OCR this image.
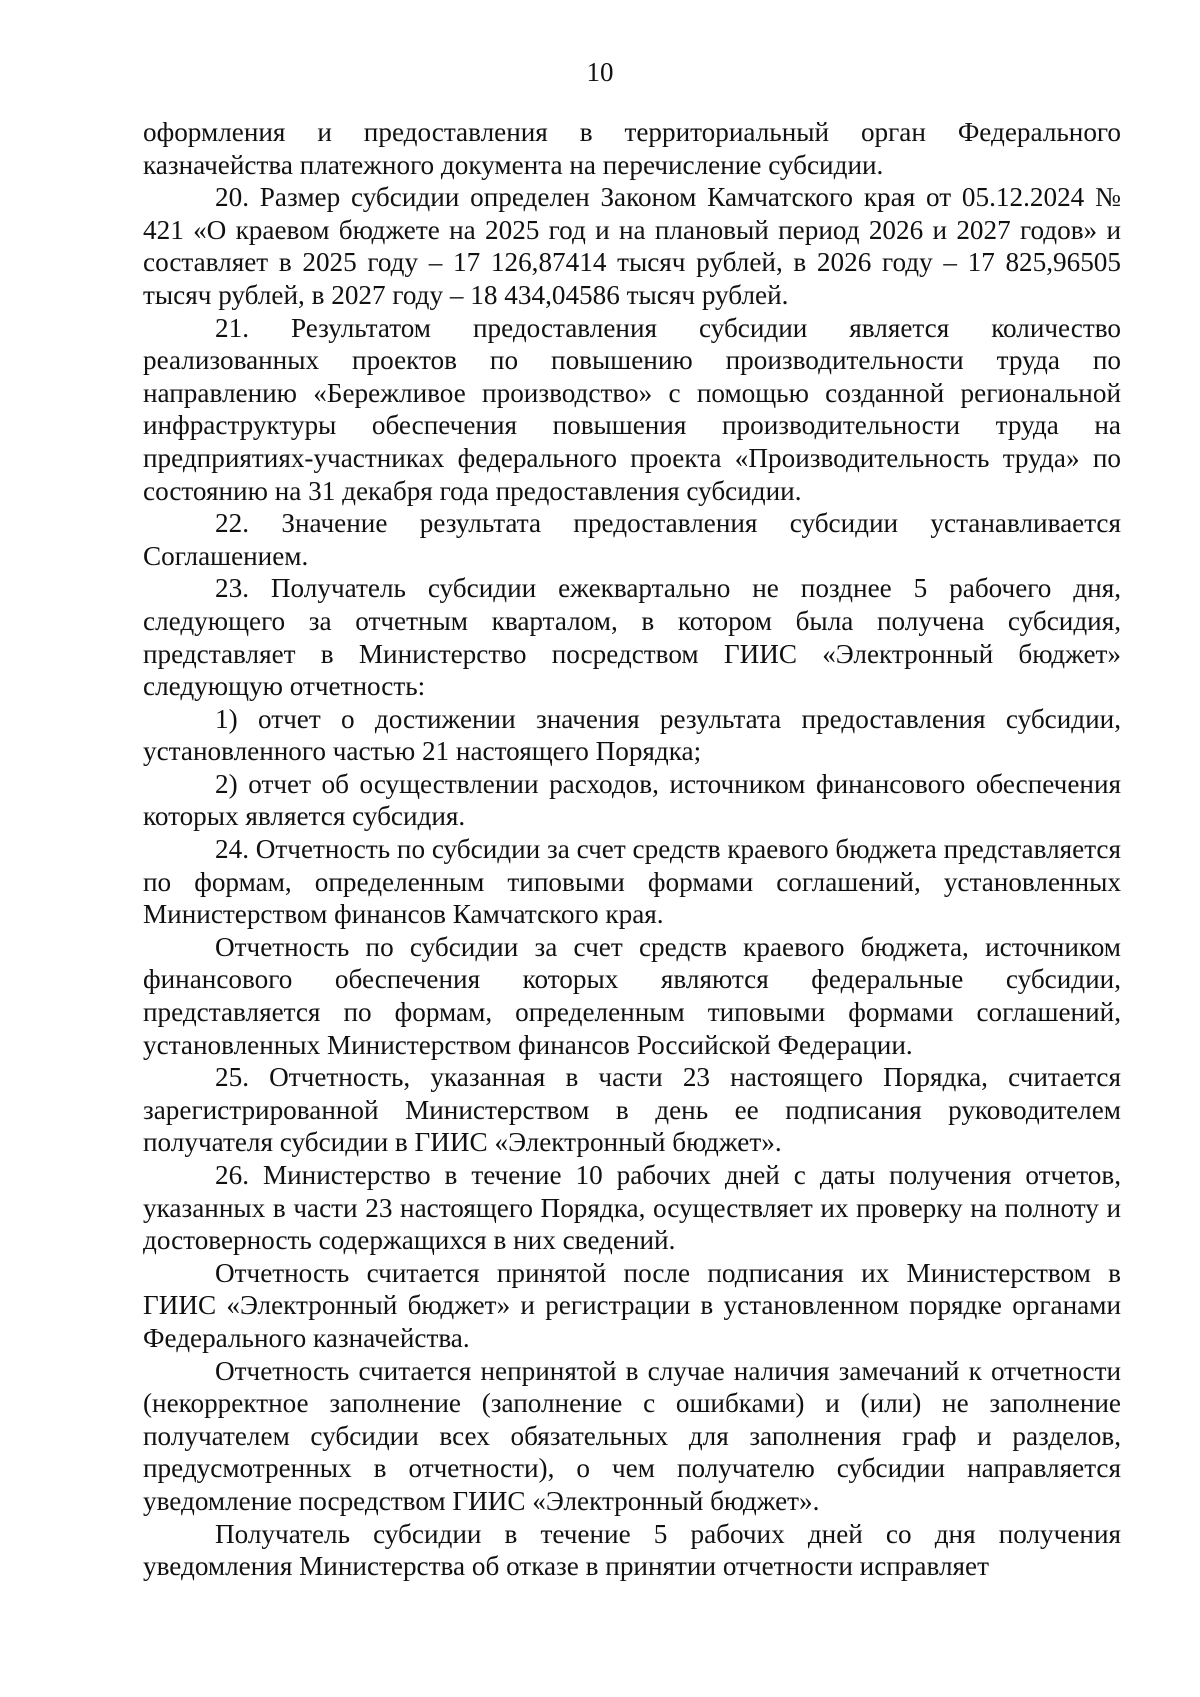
10

оформления и предоставления в территориальный орган Федерального казначейства платежного документа на перечисление субсидии.

20. Размер субсидии определен Законом Камчатского края от 05.12.2024 № 421 «О краевом бюджете на 2025 год и на плановый период 2026 и 2027 годов» и составляет в 2025 году – 17 126,87414 тысяч рублей, в 2026 году – 17 825,96505 тысяч рублей, в 2027 году – 18 434,04586 тысяч рублей.

21. Результатом предоставления субсидии является количество реализованных проектов по повышению производительности труда по направлению «Бережливое производство» с помощью созданной региональной инфраструктуры обеспечения повышения производительности труда на предприятиях-участниках федерального проекта «Производительность труда» по состоянию на 31 декабря года предоставления субсидии.

22. Значение результата предоставления субсидии устанавливается Соглашением.

23. Получатель субсидии ежеквартально не позднее 5 рабочего дня, следующего за отчетным кварталом, в котором была получена субсидия, представляет в Министерство посредством ГИИС «Электронный бюджет» следующую отчетность:

1) отчет о достижении значения результата предоставления субсидии, установленного частью 21 настоящего Порядка;

2) отчет об осуществлении расходов, источником финансового обеспечения которых является субсидия.

24. Отчетность по субсидии за счет средств краевого бюджета представляется по формам, определенным типовыми формами соглашений, установленных Министерством финансов Камчатского края.

Отчетность по субсидии за счет средств краевого бюджета, источником финансового обеспечения которых являются федеральные субсидии, представляется по формам, определенным типовыми формами соглашений, установленных Министерством финансов Российской Федерации.

25. Отчетность, указанная в части 23 настоящего Порядка, считается зарегистрированной Министерством в день ее подписания руководителем получателя субсидии в ГИИС «Электронный бюджет».

26. Министерство в течение 10 рабочих дней с даты получения отчетов, указанных в части 23 настоящего Порядка, осуществляет их проверку на полноту и достоверность содержащихся в них сведений.

Отчетность считается принятой после подписания их Министерством в ГИИС «Электронный бюджет» и регистрации в установленном порядке органами Федерального казначейства.

Отчетность считается непринятой в случае наличия замечаний к отчетности (некорректное заполнение (заполнение с ошибками) и (или) не заполнение получателем субсидии всех обязательных для заполнения граф и разделов, предусмотренных в отчетности), о чем получателю субсидии направляется уведомление посредством ГИИС «Электронный бюджет».

Получатель субсидии в течение 5 рабочих дней со дня получения уведомления Министерства об отказе в принятии отчетности исправляет
